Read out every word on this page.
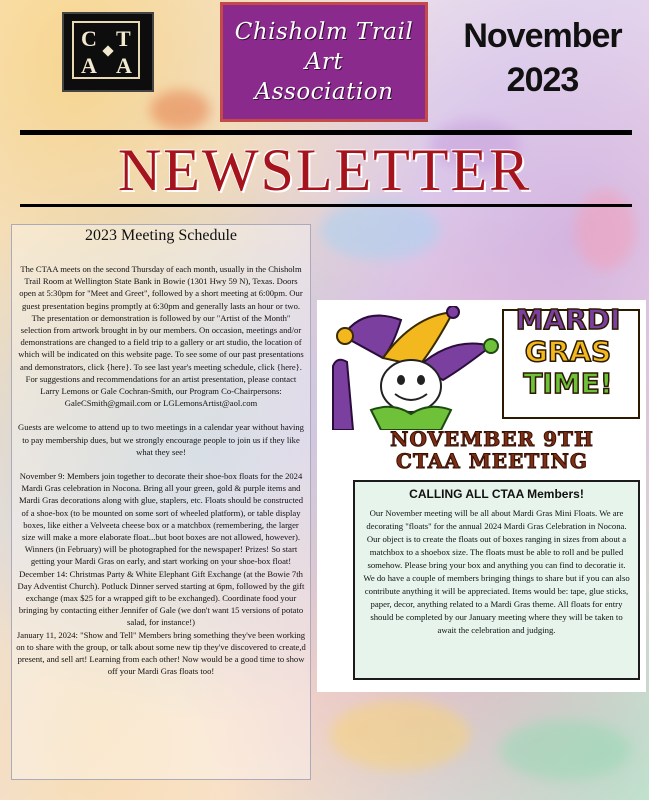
C T
A A
Chisholm Trail
Art
Association
November
2023
NEWSLETTER
2023 Meeting Schedule

The CTAA meets on the second Thursday of each month, usually in the Chisholm Trail Room at Wellington State Bank in Bowie (1301 Hwy 59 N), Texas. Doors open at 5:30pm for "Meet and Greet", followed by a short meeting at 6:00pm. Our guest presentation begins promptly at 6:30pm and generally lasts an hour or two. The presentation or demonstration is followed by our "Artist of the Month" selection from artwork brought in by our members. On occasion, meetings and/or demonstrations are changed to a field trip to a gallery or art studio, the location of which will be indicated on this website page. To see some of our past presentations and demonstrators, click {here}. To see last year's meeting schedule, click {here}.

For suggestions and recommendations for an artist presentation, please contact Larry Lemons or Gale Cochran-Smith, our Program Co-Chairpersons: GaleCSmith@gmail.com or LGLemonsArtist@aol.com

Guests are welcome to attend up to two meetings in a calendar year without having to pay membership dues, but we strongly encourage people to join us if they like what they see!

November 9: Members join together to decorate their shoe-box floats for the 2024 Mardi Gras celebration in Nocona. Bring all your green, gold & purple items and Mardi Gras decorations along with glue, staplers, etc. Floats should be constructed of a shoe-box (to be mounted on some sort of wheeled platform), or table display boxes, like either a Velveeta cheese box or a matchbox (remembering, the larger size will make a more elaborate float...but boot boxes are not allowed, however). Winners (in February) will be photographed for the newspaper! Prizes! So start getting your Mardi Gras on early, and start working on your shoe-box float!

December 14: Christmas Party & White Elephant Gift Exchange (at the Bowie 7th Day Adventist Church). Potluck Dinner served starting at 6pm, followed by the gift exchange (max $25 for a wrapped gift to be exchanged). Coordinate food your bringing by contacting either Jennifer of Gale (we don't want 15 versions of potato salad, for instance!)

January 11, 2024: "Show and Tell" Members bring something they've been working on to share with the group, or talk about some new tip they've discovered to create,d present, and sell art! Learning from each other! Now would be a good time to show off your Mardi Gras floats too!

MARDI
GRAS
TIME!
NOVEMBER 9TH
CTAA MEETING
CALLING ALL CTAA Members!
Our November meeting will be all about Mardi Gras Mini Floats. We are decorating "floats" for the annual 2024 Mardi Gras Celebration in Nocona. Our object is to create the floats out of boxes ranging in sizes from about a matchbox to a shoebox size. The floats must be able to roll and be pulled somehow. Please bring your box and anything you can find to decoratie it. We do have a couple of members bringing things to share but if you can also contribute anything it will be appreciated. Items would be: tape, glue sticks, paper, decor, anything related to a Mardi Gras theme. All floats for entry should be completed by our January meeting where they will be taken to await the celebration and judging.
